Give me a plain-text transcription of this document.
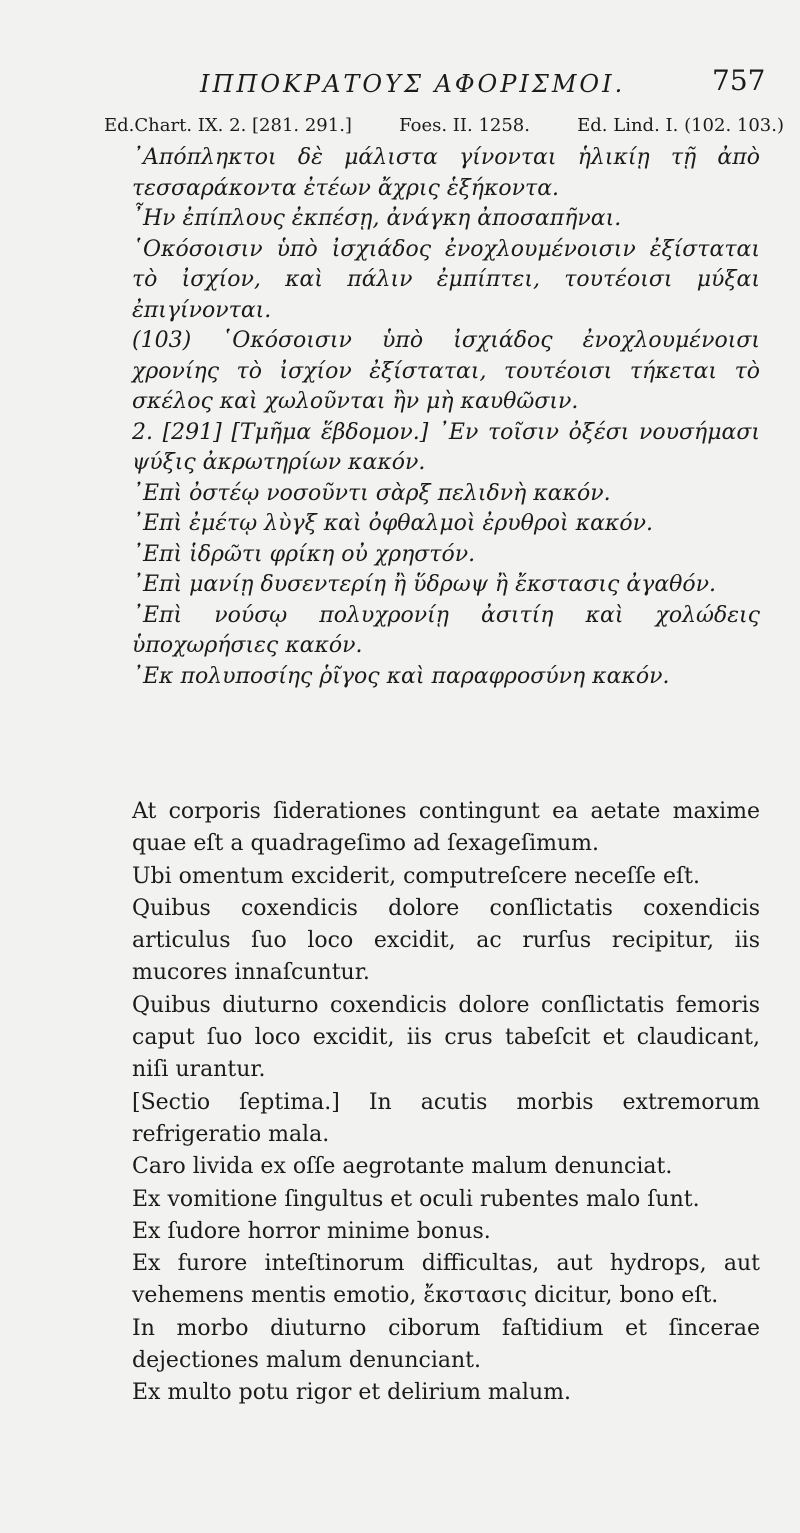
ΙΠΠΟΚΡΑΤΟΥΣ ΑΦΟΡΙΣΜΟΙ.	757
Ed.Chart. IX. 2. [281. 291.]	Foes. II. 1258.	Ed. Lind. I. (102. 103.)

᾿Απόπληκτοι δὲ μάλιστα γίνονται ἡλικίῃ τῇ ἀπὸ τεσσαράκοντα ἐτέων ἄχρις ἑξήκοντα.

῏Ην ἐπίπλους ἐκπέσῃ, ἀνάγκη ἀποσαπῆναι.

῾Οκόσοισιν ὑπὸ ἰσχιάδος ἐνοχλουμένοισιν ἐξίσταται τὸ ἰσχίον, καὶ πάλιν ἐμπίπτει, τουτέοισι μύξαι ἐπιγίνονται.

(103) ῾Οκόσοισιν ὑπὸ ἰσχιάδος ἐνοχλουμένοισι χρονίης τὸ ἰσχίον ἐξίσταται, τουτέοισι τήκεται τὸ σκέλος καὶ χωλοῦνται ἢν μὴ καυθῶσιν.

2. [291] [Τμῆμα ἕβδομον.] ᾿Εν τοῖσιν ὀξέσι νουσήμασι ψύξις ἀκρωτηρίων κακόν.

᾿Επὶ ὀστέῳ νοσοῦντι σὰρξ πελιδνὴ κακόν.

᾿Επὶ ἐμέτῳ λὺγξ καὶ ὀφθαλμοὶ ἐρυθροὶ κακόν.

᾿Επὶ ἱδρῶτι φρίκη οὐ χρηστόν.

᾿Επὶ μανίῃ δυσεντερίη ἢ ὕδρωψ ἢ ἔκστασις ἀγαθόν.

᾿Επὶ νούσῳ πολυχρονίῃ ἀσιτίη καὶ χολώδεις ὑποχωρήσιες κακόν.

᾿Εκ πολυποσίης ῥῖγος καὶ παραφροσύνη κακόν.

At corporis ſiderationes contingunt ea aetate maxime quae eſt a quadrageſimo ad ſexageſimum.

Ubi omentum exciderit, computreſcere neceſſe eſt.

Quibus coxendicis dolore conſlictatis coxendicis articulus ſuo loco excidit, ac rurſus recipitur, iis mucores innaſcuntur.

Quibus diuturno coxendicis dolore conſlictatis femoris caput ſuo loco excidit, iis crus tabeſcit et claudicant, niſi urantur.

[Sectio ſeptima.] In acutis morbis extremorum refrigeratio mala.

Caro livida ex oſſe aegrotante malum denunciat.

Ex vomitione ſingultus et oculi rubentes malo ſunt.

Ex ſudore horror minime bonus.

Ex furore inteſtinorum difficultas, aut hydrops, aut vehemens mentis emotio, ἔκστασις dicitur, bono eſt.

In morbo diuturno ciborum faſtidium et ſincerae dejectiones malum denunciant.

Ex multo potu rigor et delirium malum.
